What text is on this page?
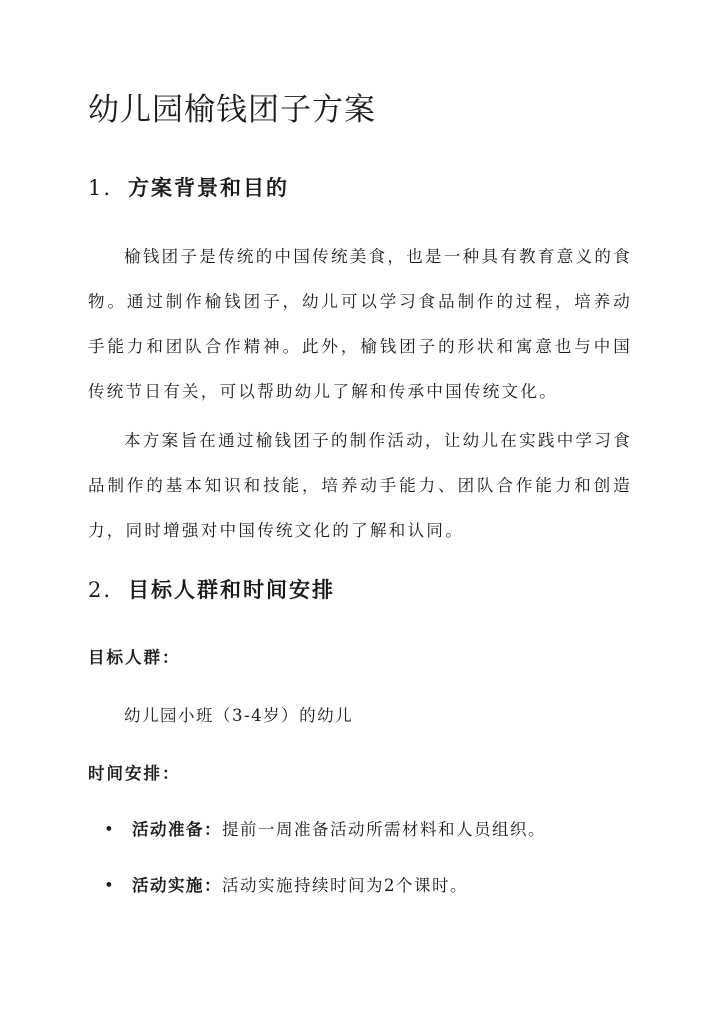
幼儿园榆钱团子方案
1. 方案背景和目的

榆钱团子是传统的中国传统美食，也是一种具有教育意义的食物。通过制作榆钱团子，幼儿可以学习食品制作的过程，培养动手能力和团队合作精神。此外，榆钱团子的形状和寓意也与中国传统节日有关，可以帮助幼儿了解和传承中国传统文化。

本方案旨在通过榆钱团子的制作活动，让幼儿在实践中学习食品制作的基本知识和技能，培养动手能力、团队合作能力和创造力，同时增强对中国传统文化的了解和认同。

2. 目标人群和时间安排

目标人群：

幼儿园小班（3-4岁）的幼儿

时间安排：

• 活动准备：提前一周准备活动所需材料和人员组织。

• 活动实施：活动实施持续时间为2个课时。
